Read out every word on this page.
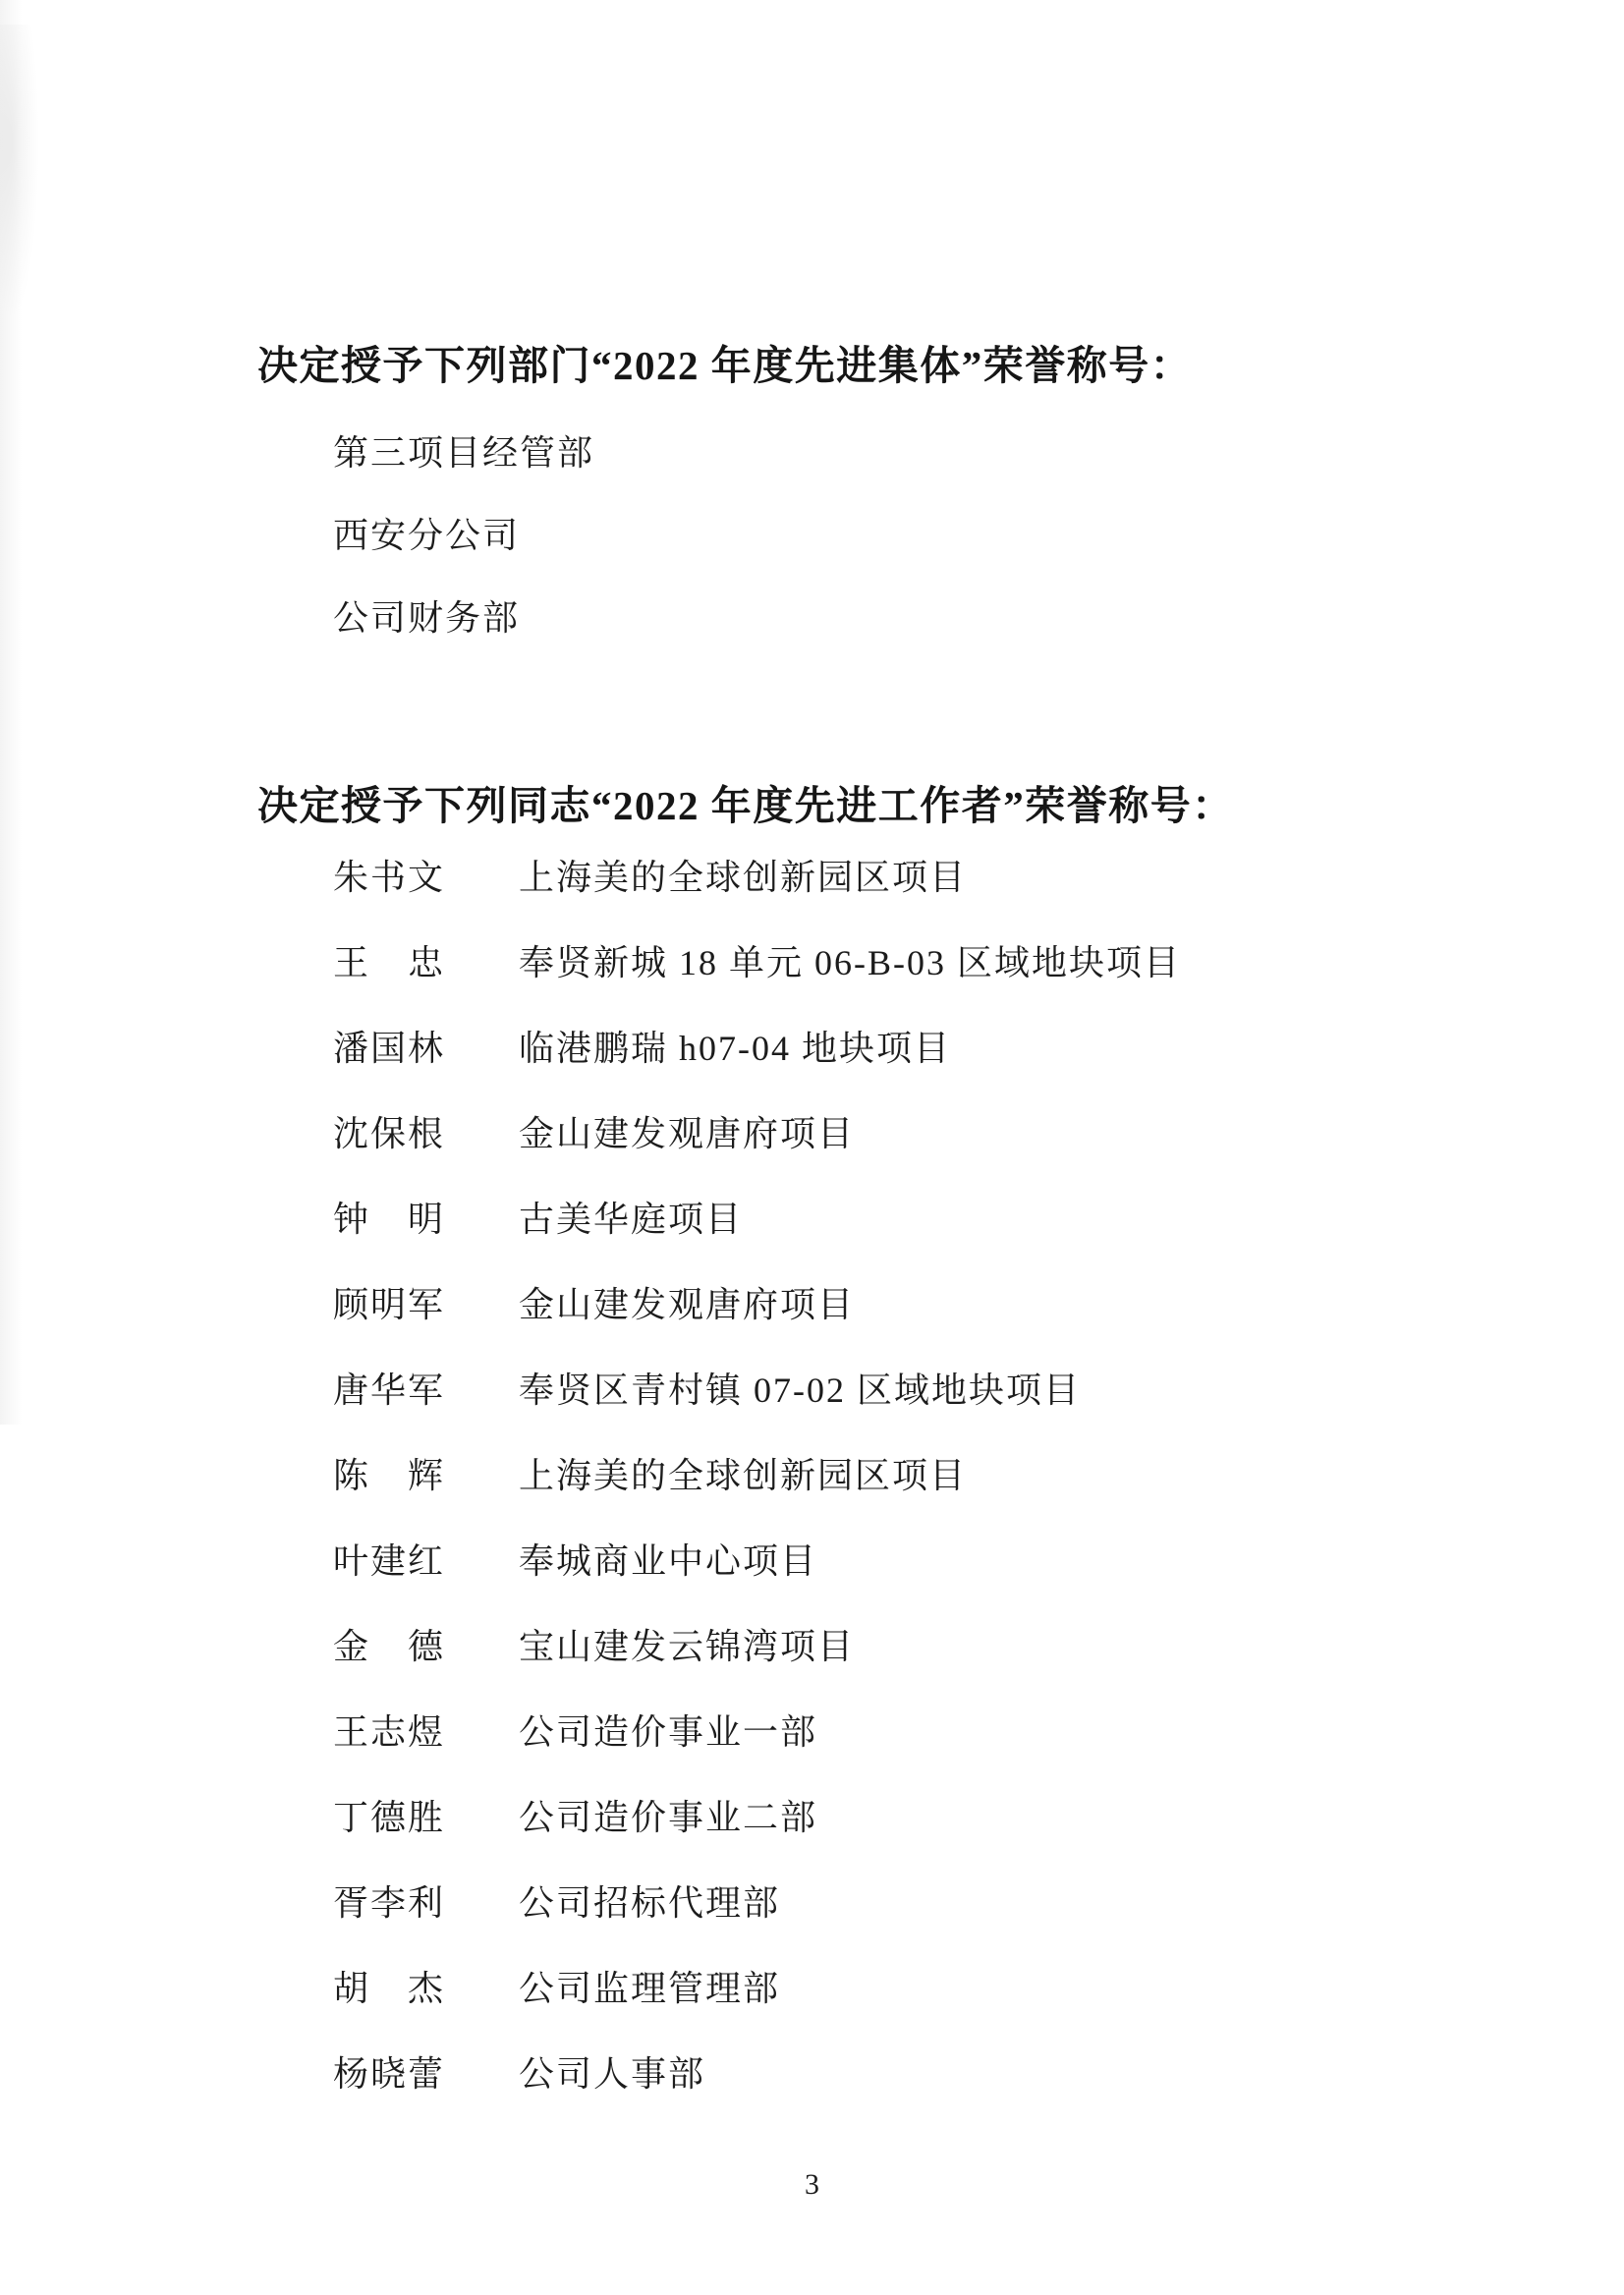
决定授予下列部门“2022 年度先进集体”荣誉称号：
第三项目经管部
西安分公司
公司财务部
决定授予下列同志“2022 年度先进工作者”荣誉称号：
朱书文	上海美的全球创新园区项目
王　忠	奉贤新城 18 单元 06-B-03 区域地块项目
潘国林	临港鹏瑞 h07-04 地块项目
沈保根	金山建发观唐府项目
钟　明	古美华庭项目
顾明军	金山建发观唐府项目
唐华军	奉贤区青村镇 07-02 区域地块项目
陈　辉	上海美的全球创新园区项目
叶建红	奉城商业中心项目
金　德	宝山建发云锦湾项目
王志煜	公司造价事业一部
丁德胜	公司造价事业二部
胥李利	公司招标代理部
胡　杰	公司监理管理部
杨晓蕾	公司人事部
3
